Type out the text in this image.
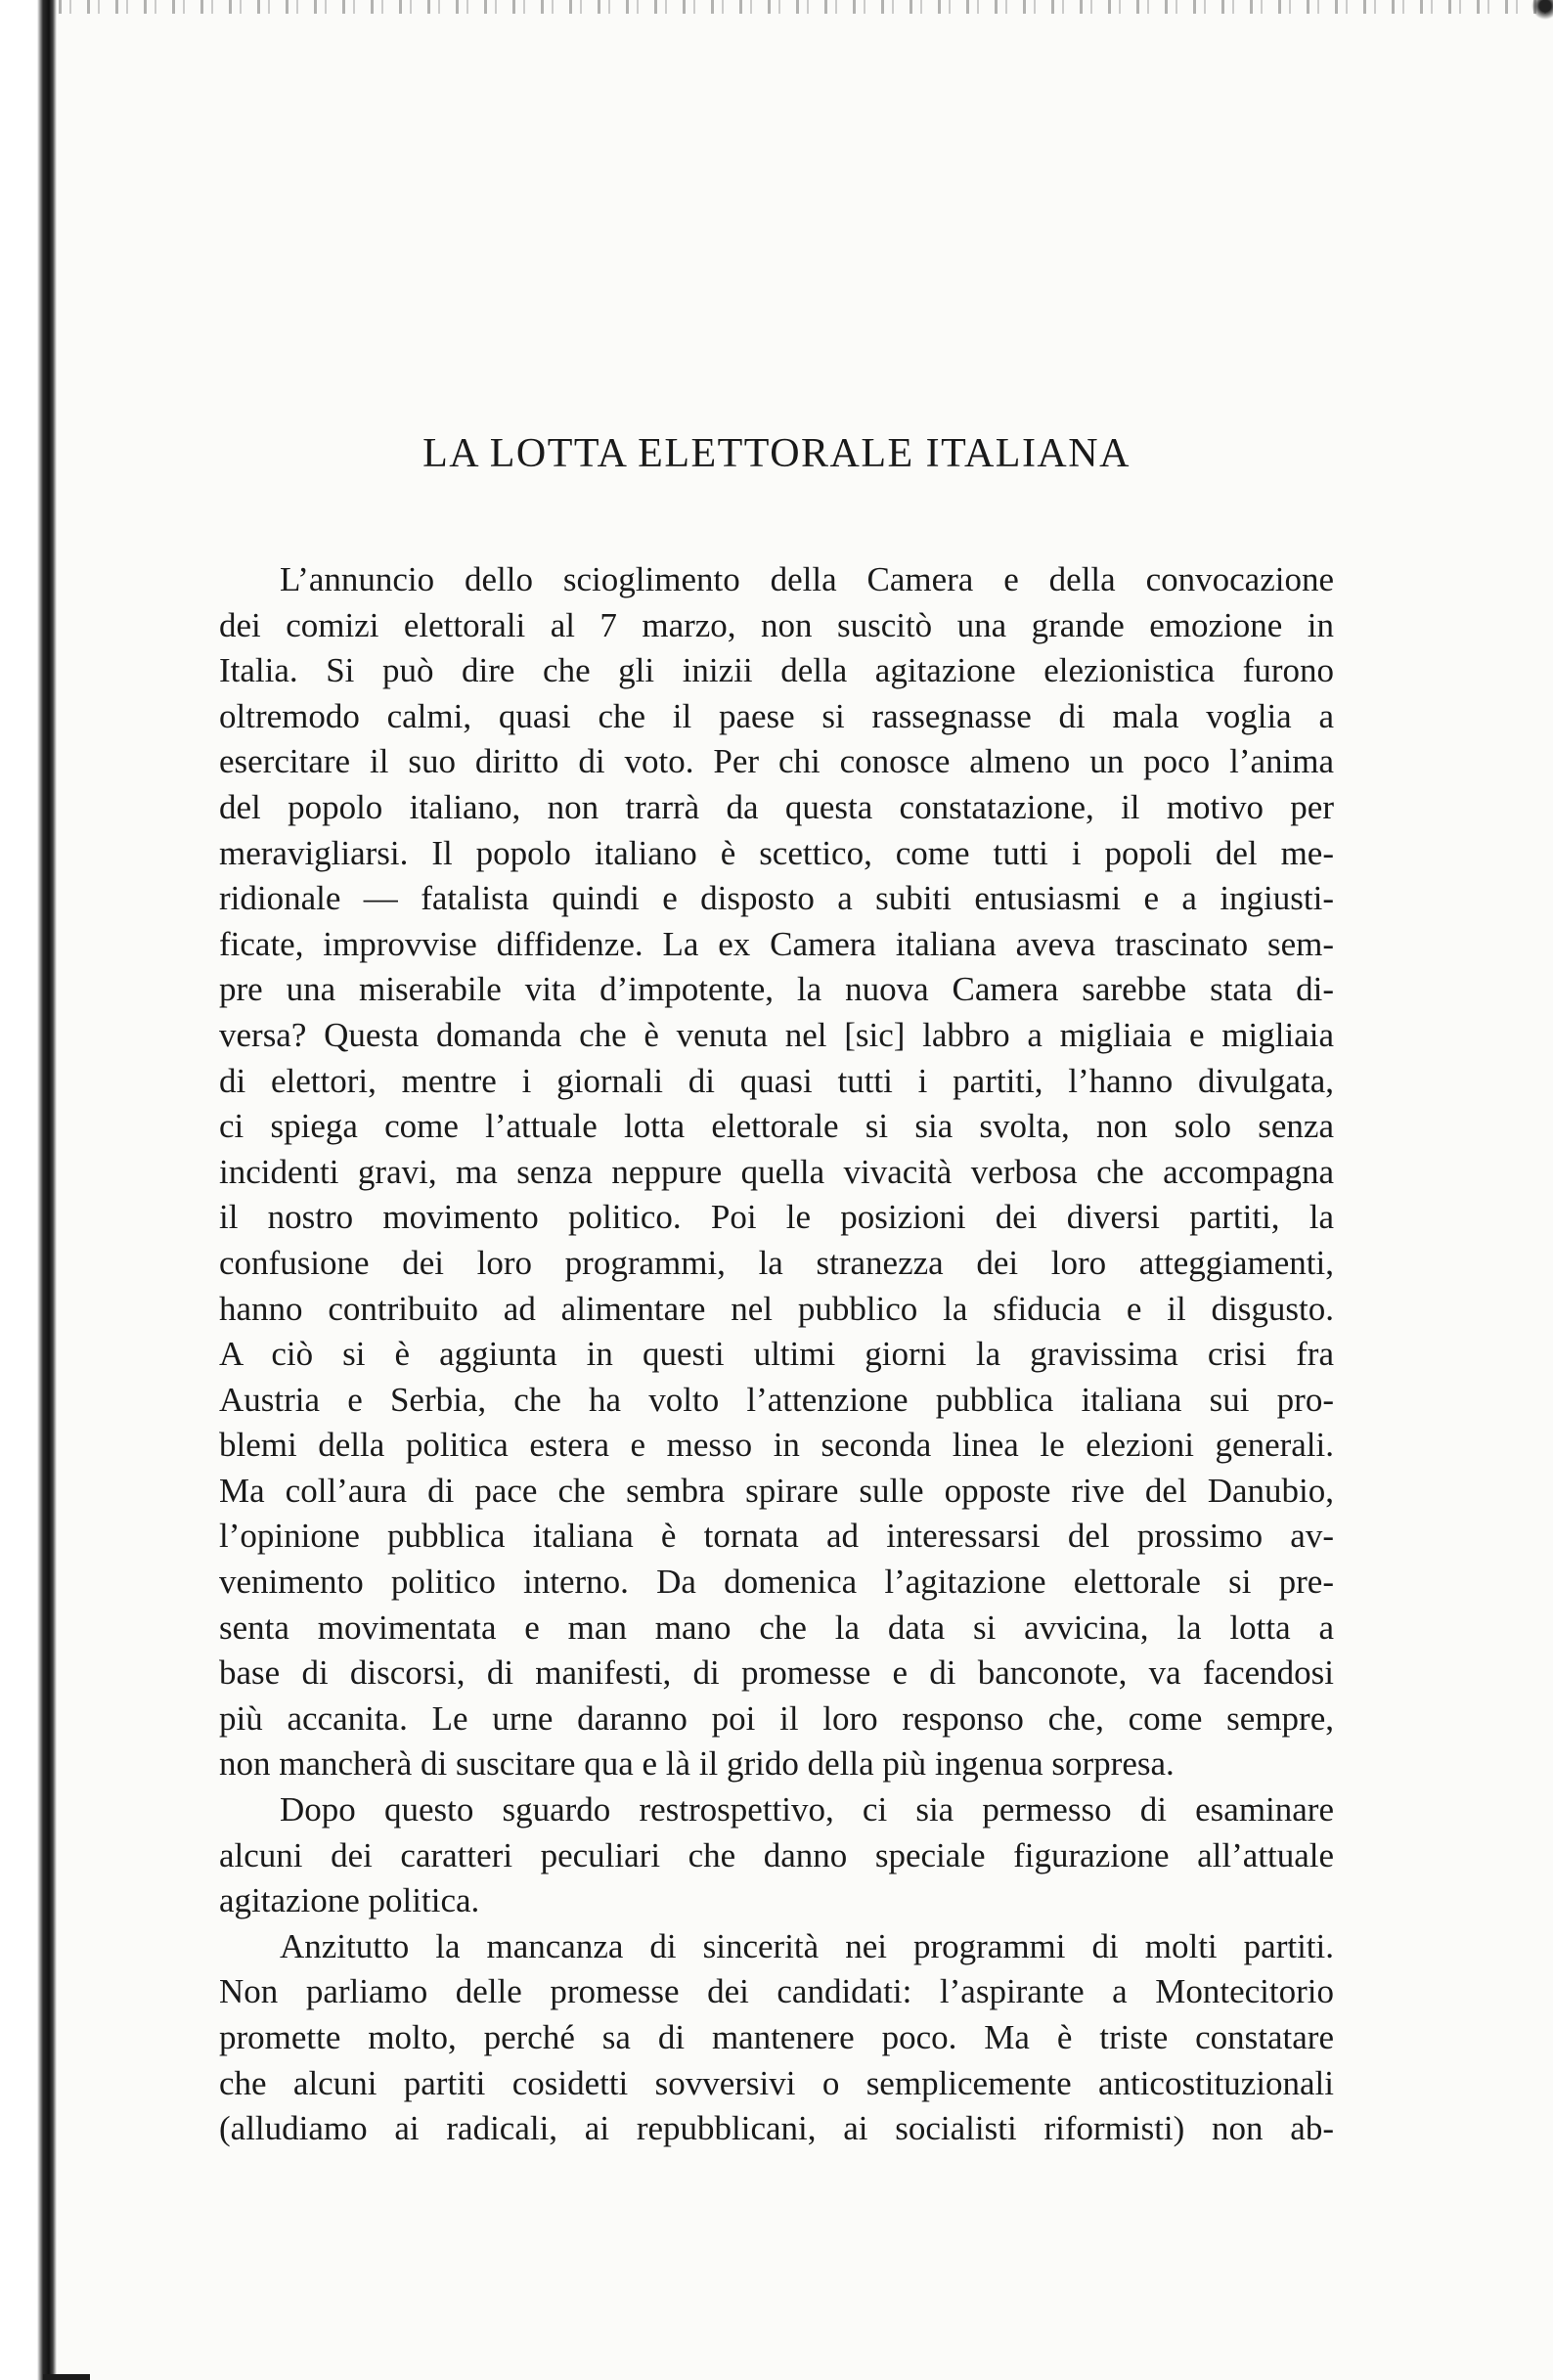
LA LOTTA ELETTORALE ITALIANA
L’annuncio dello scioglimento della Camera e della convocazione
dei comizi elettorali al 7 marzo, non suscitò una grande emozione in
Italia. Si può dire che gli inizii della agitazione elezionistica furono
oltremodo calmi, quasi che il paese si rassegnasse di mala voglia a
esercitare il suo diritto di voto. Per chi conosce almeno un poco l’anima
del popolo italiano, non trarrà da questa constatazione, il motivo per
meravigliarsi. Il popolo italiano è scettico, come tutti i popoli del me-
ridionale — fatalista quindi e disposto a subiti entusiasmi e a ingiusti-
ficate, improvvise diffidenze. La ex Camera italiana aveva trascinato sem-
pre una miserabile vita d’impotente, la nuova Camera sarebbe stata di-
versa? Questa domanda che è venuta nel [sic] labbro a migliaia e migliaia
di elettori, mentre i giornali di quasi tutti i partiti, l’hanno divulgata,
ci spiega come l’attuale lotta elettorale si sia svolta, non solo senza
incidenti gravi, ma senza neppure quella vivacità verbosa che accompagna
il nostro movimento politico. Poi le posizioni dei diversi partiti, la
confusione dei loro programmi, la stranezza dei loro atteggiamenti,
hanno contribuito ad alimentare nel pubblico la sfiducia e il disgusto.
A ciò si è aggiunta in questi ultimi giorni la gravissima crisi fra
Austria e Serbia, che ha volto l’attenzione pubblica italiana sui pro-
blemi della politica estera e messo in seconda linea le elezioni generali.
Ma coll’aura di pace che sembra spirare sulle opposte rive del Danubio,
l’opinione pubblica italiana è tornata ad interessarsi del prossimo av-
venimento politico interno. Da domenica l’agitazione elettorale si pre-
senta movimentata e man mano che la data si avvicina, la lotta a
base di discorsi, di manifesti, di promesse e di banconote, va facendosi
più accanita. Le urne daranno poi il loro responso che, come sempre,
non mancherà di suscitare qua e là il grido della più ingenua sorpresa.
Dopo questo sguardo restrospettivo, ci sia permesso di esaminare
alcuni dei caratteri peculiari che danno speciale figurazione all’attuale
agitazione politica.
Anzitutto la mancanza di sincerità nei programmi di molti partiti.
Non parliamo delle promesse dei candidati: l’aspirante a Montecitorio
promette molto, perché sa di mantenere poco. Ma è triste constatare
che alcuni partiti cosidetti sovversivi o semplicemente anticostituzionali
(alludiamo ai radicali, ai repubblicani, ai socialisti riformisti) non ab-
